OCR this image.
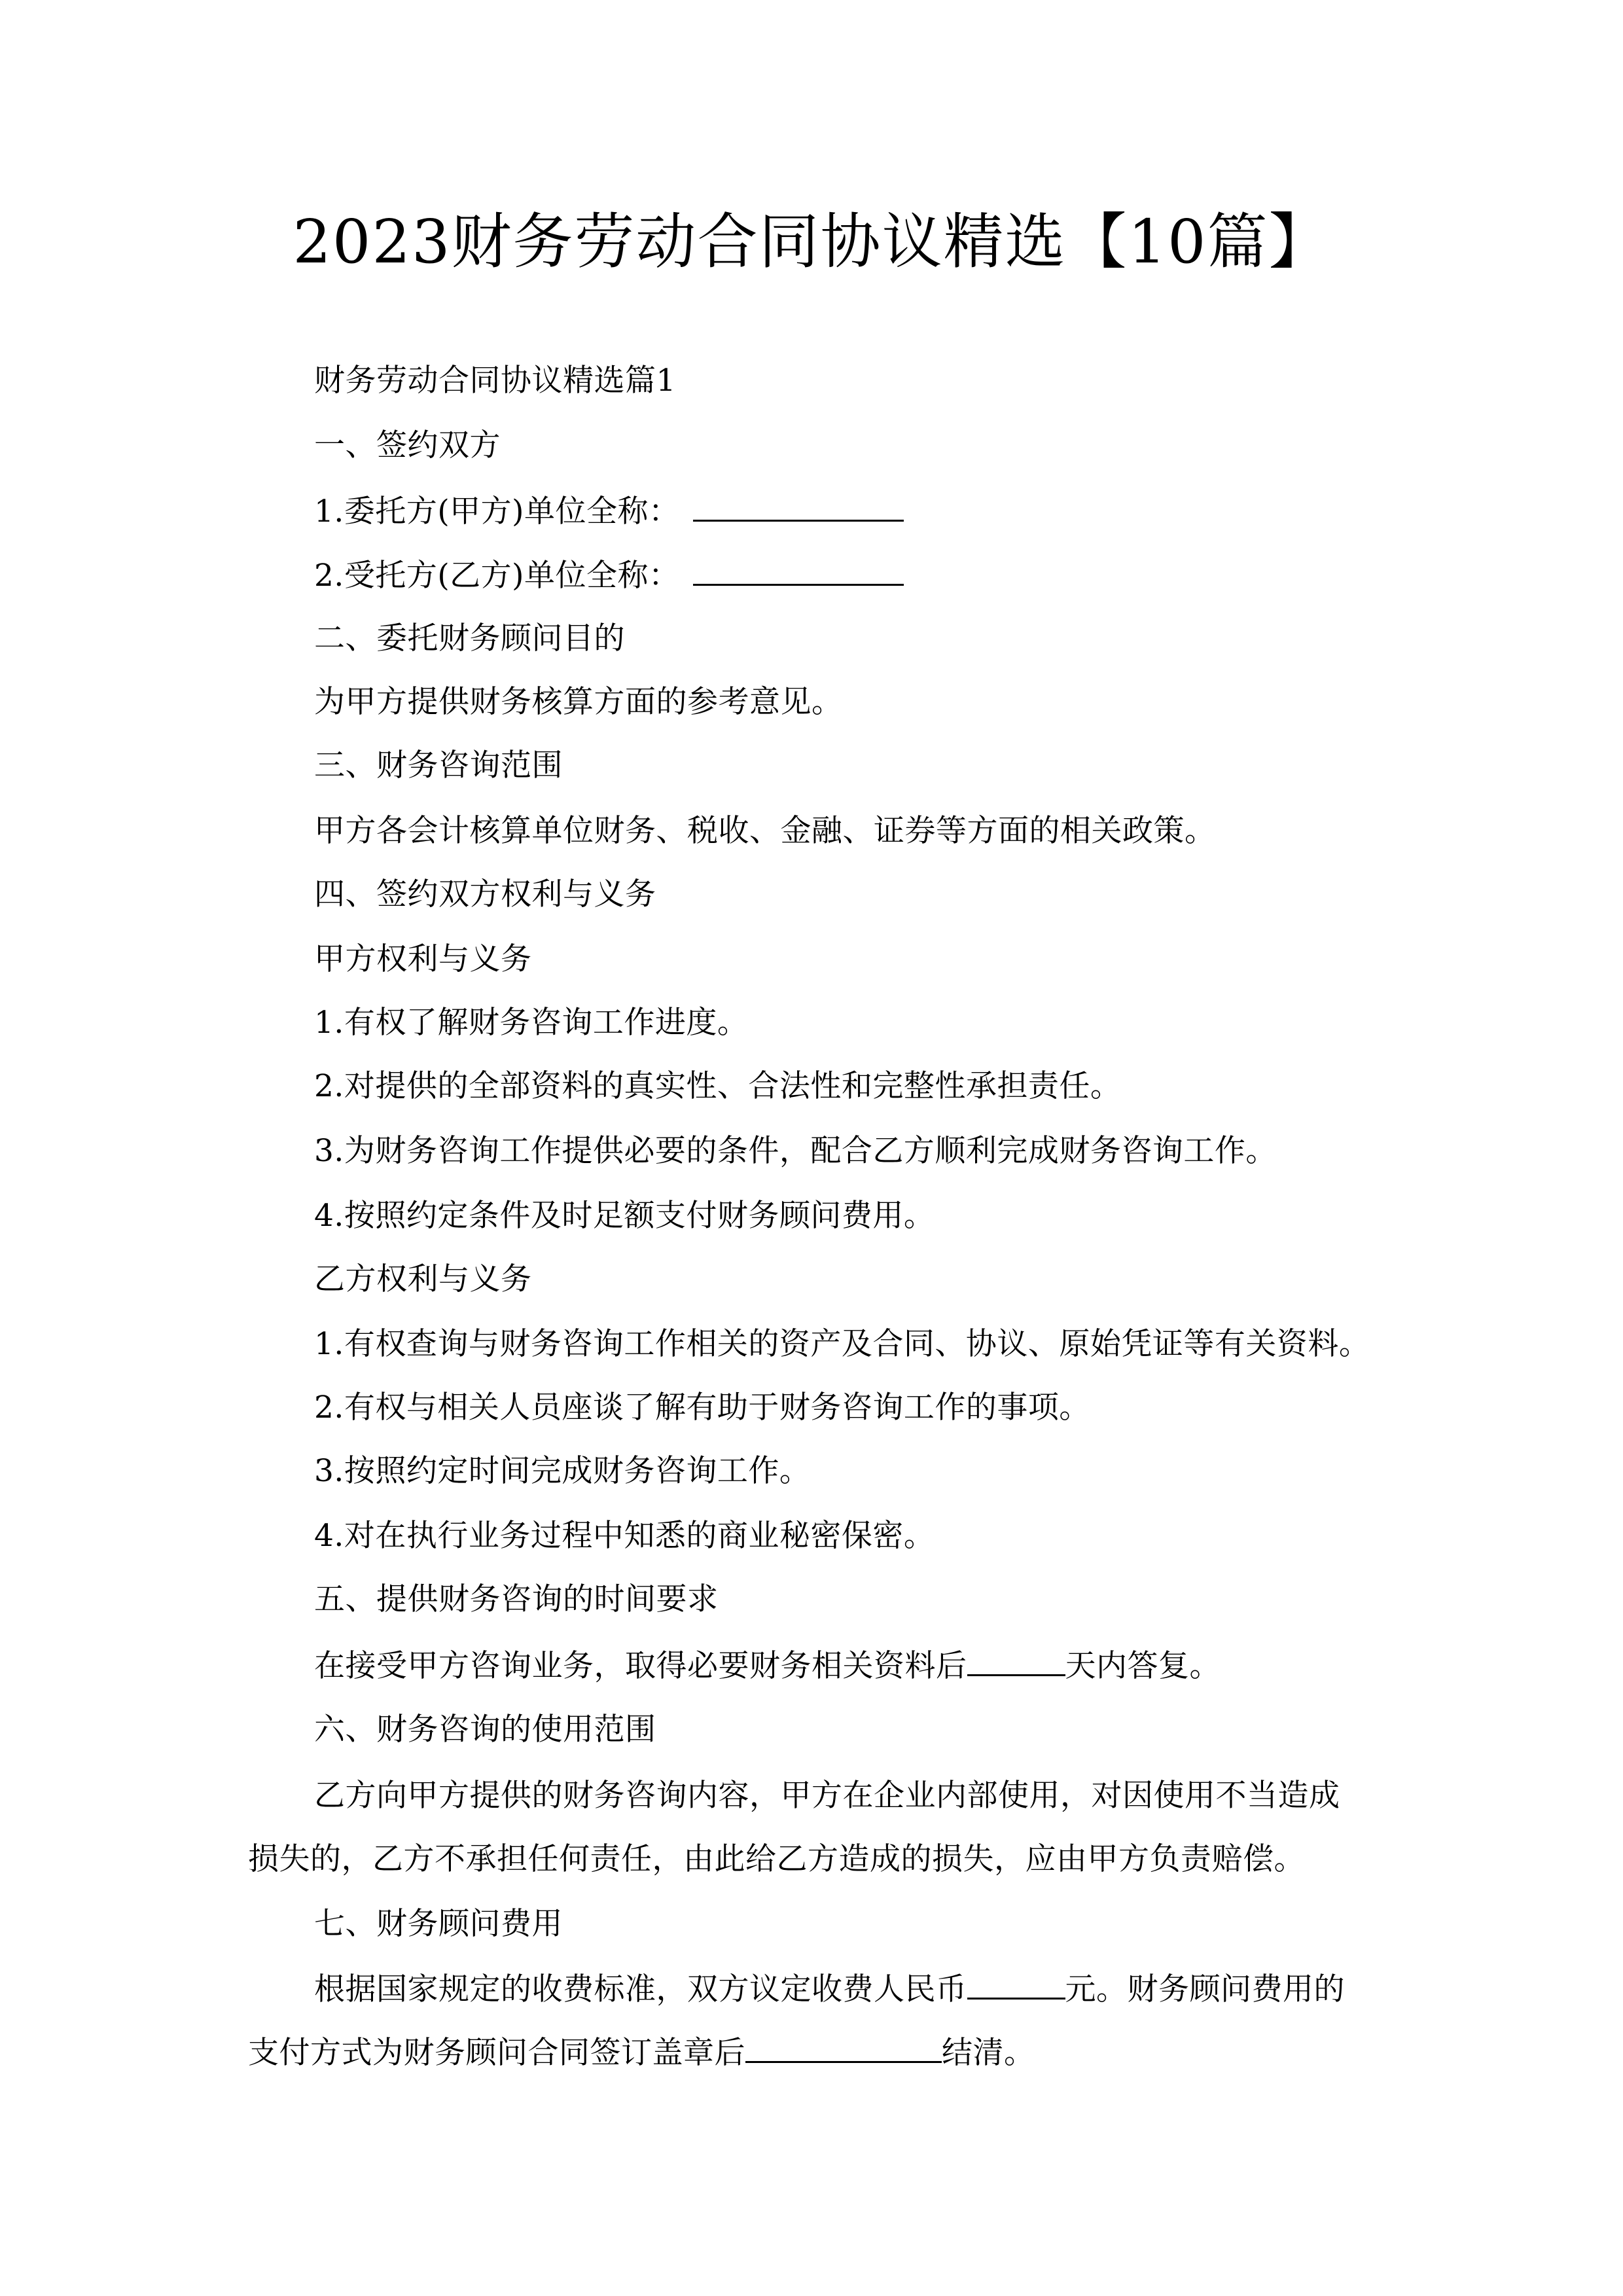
2023财务劳动合同协议精选【10篇】
财务劳动合同协议精选篇1
一、签约双方
1.委托方(甲方)单位全称：
2.受托方(乙方)单位全称：
二、委托财务顾问目的
为甲方提供财务核算方面的参考意见。
三、财务咨询范围
甲方各会计核算单位财务、税收、金融、证券等方面的相关政策。
四、签约双方权利与义务
甲方权利与义务
1.有权了解财务咨询工作进度。
2.对提供的全部资料的真实性、合法性和完整性承担责任。
3.为财务咨询工作提供必要的条件，配合乙方顺利完成财务咨询工作。
4.按照约定条件及时足额支付财务顾问费用。
乙方权利与义务
1.有权查询与财务咨询工作相关的资产及合同、协议、原始凭证等有关资料。
2.有权与相关人员座谈了解有助于财务咨询工作的事项。
3.按照约定时间完成财务咨询工作。
4.对在执行业务过程中知悉的商业秘密保密。
五、提供财务咨询的时间要求
在接受甲方咨询业务，取得必要财务相关资料后	天内答复。
六、财务咨询的使用范围
乙方向甲方提供的财务咨询内容，甲方在企业内部使用，对因使用不当造成
损失的，乙方不承担任何责任，由此给乙方造成的损失，应由甲方负责赔偿。
七、财务顾问费用
根据国家规定的收费标准，双方议定收费人民币	元。财务顾问费用的
支付方式为财务顾问合同签订盖章后	结清。
